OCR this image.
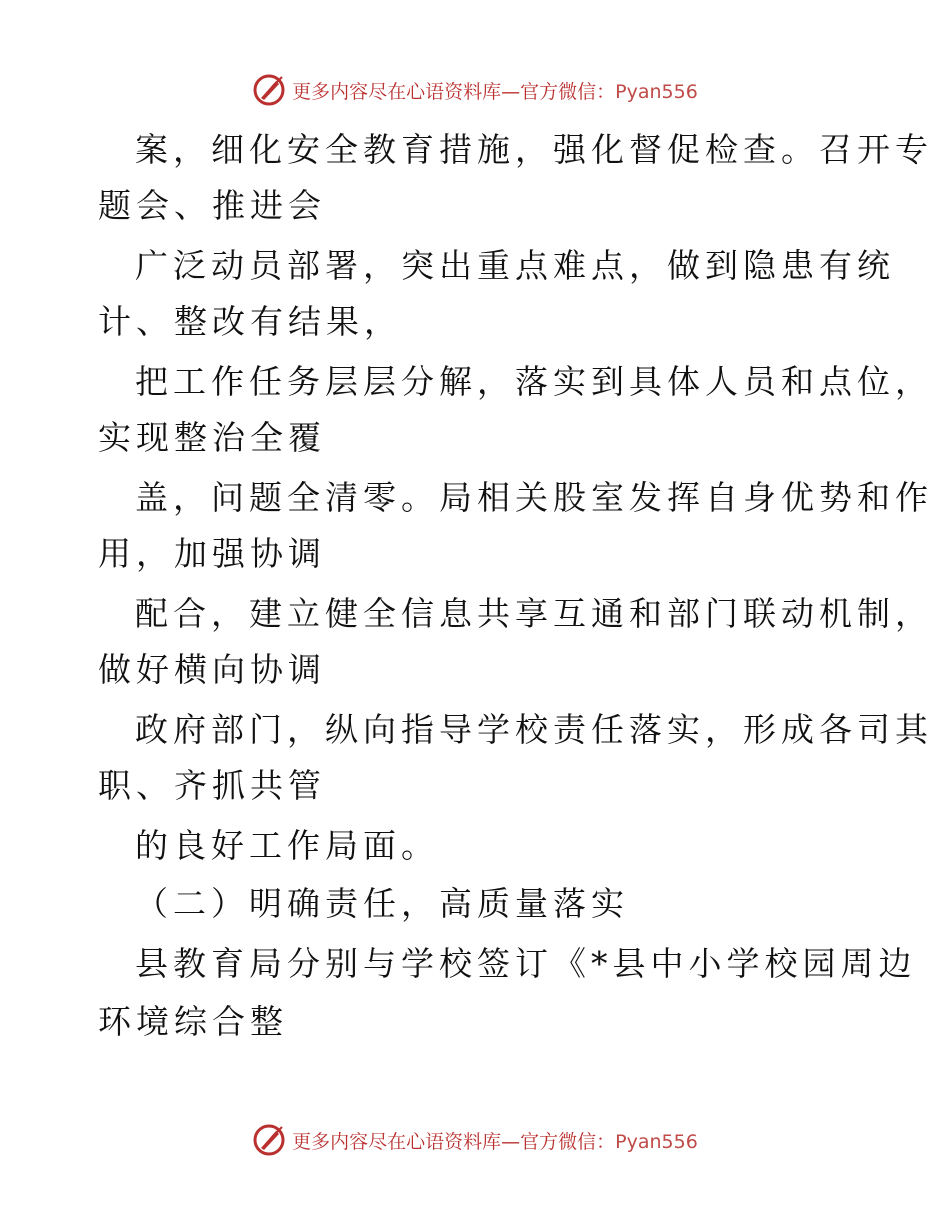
更多内容尽在心语资料库—官方微信：Pyan556
案，细化安全教育措施，强化督促检查。召开专
题会、推进会
广泛动员部署，突出重点难点，做到隐患有统
计、整改有结果，
把工作任务层层分解，落实到具体人员和点位，
实现整治全覆
盖，问题全清零。局相关股室发挥自身优势和作
用，加强协调
配合，建立健全信息共享互通和部门联动机制，
做好横向协调
政府部门，纵向指导学校责任落实，形成各司其
职、齐抓共管
的良好工作局面。
（二）明确责任，高质量落实
县教育局分别与学校签订《*县中小学校园周边
环境综合整
更多内容尽在心语资料库—官方微信：Pyan556
